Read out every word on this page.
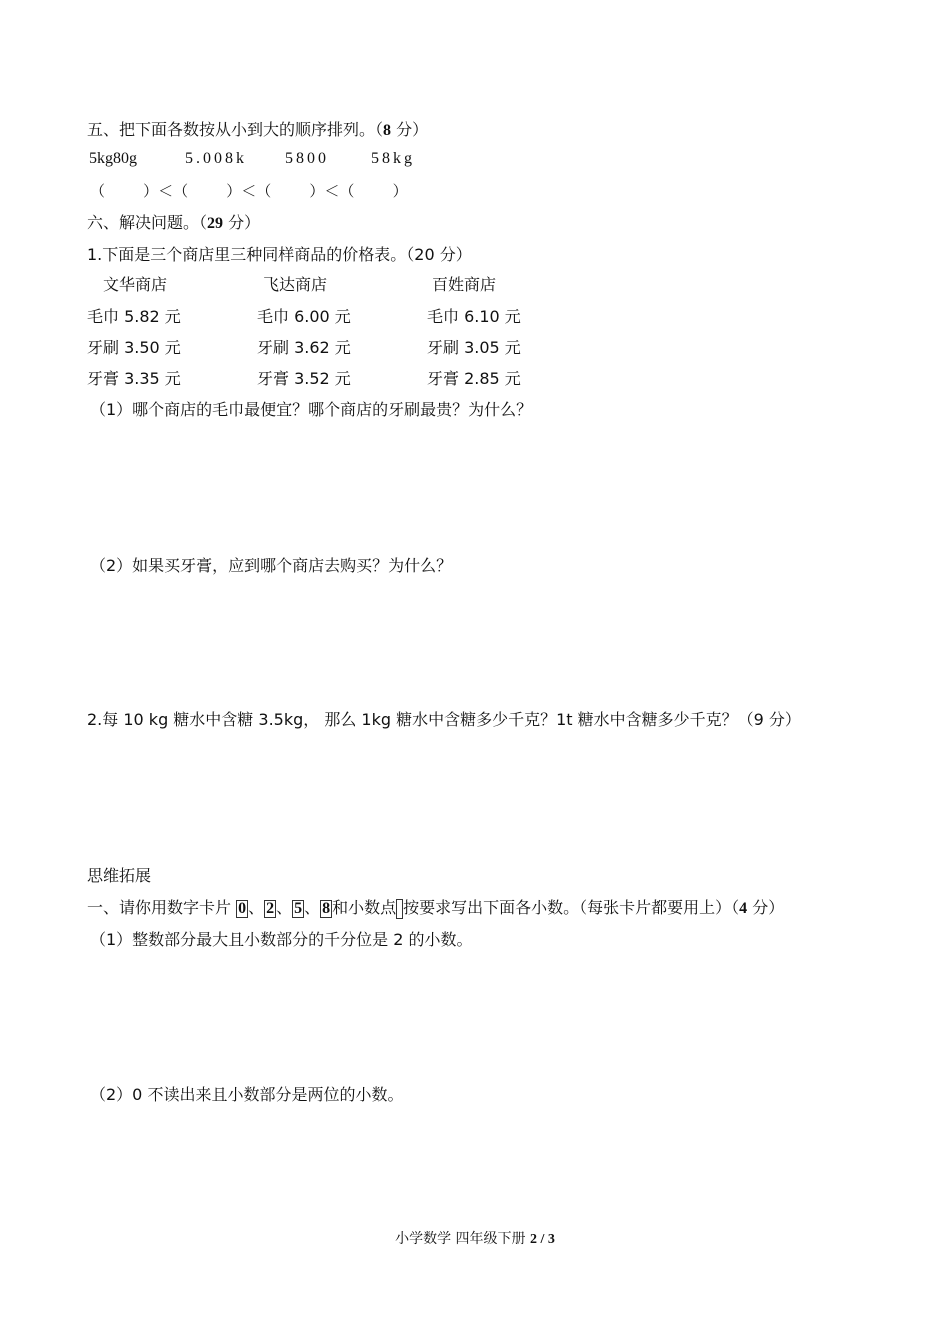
五、把下面各数按从小到大的顺序排列。（8 分）
5kg80g	5.008k 5800	58kg
（        ）＜（        ）＜（        ）＜（        ）
六、解决问题。（29 分）
1.下面是三个商店里三种同样商品的价格表。（20 分）
文华商店	飞达商店	百姓商店
毛巾 5.82 元	毛巾 6.00 元	毛巾 6.10 元
牙刷 3.50 元	牙刷 3.62 元	牙刷 3.05 元
牙膏 3.35 元	牙膏 3.52 元	牙膏 2.85 元
（1）哪个商店的毛巾最便宜？哪个商店的牙刷最贵？为什么？
（2）如果买牙膏，应到哪个商店去购买？为什么？
2.每 10 kg 糖水中含糖 3.5kg， 那么 1kg 糖水中含糖多少千克？1t 糖水中含糖多少千克？（9 分）
思维拓展
一、请你用数字卡片 0 、 2 、 5 、 8 和小数点 按要求写出下面各小数。（每张卡片都要用上）（4 分）
（1）整数部分最大且小数部分的千分位是 2 的小数。
（2）0 不读出来且小数部分是两位的小数。
小学数学 四年级下册 2 / 3
